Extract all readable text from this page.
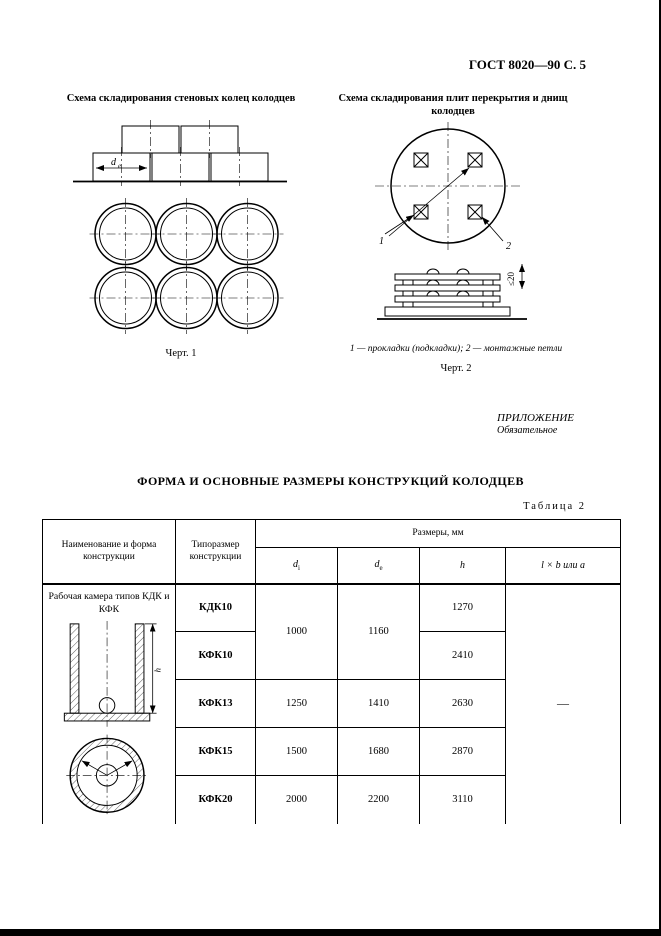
ГОСТ 8020—90 С. 5
Схема складирования стеновых колец колодцев	Схема складирования плит перекрытия и днищ колодцев
d e
Черт. 1
1	2
≤20
1 — прокладки (подкладки); 2 — монтажные петли
Черт. 2
ПРИЛОЖЕНИЕ
Обязательное
ФОРМА И ОСНОВНЫЕ РАЗМЕРЫ КОНСТРУКЦИЙ КОЛОДЦЕВ
Таблица 2
Наименование и форма конструкции	Типоразмер конструкции	Размеры, мм			
		$d_i$	$d_e$	h	l × b или a

Рабочая камера типов КДК и КФК
h	КДК10	1000	1160	1270	—
	КФК10			2410	
	КФК13	1250	1410	2630	
	КФК15	1500	1680	2870	
	КФК20	2000	2200	3110	
